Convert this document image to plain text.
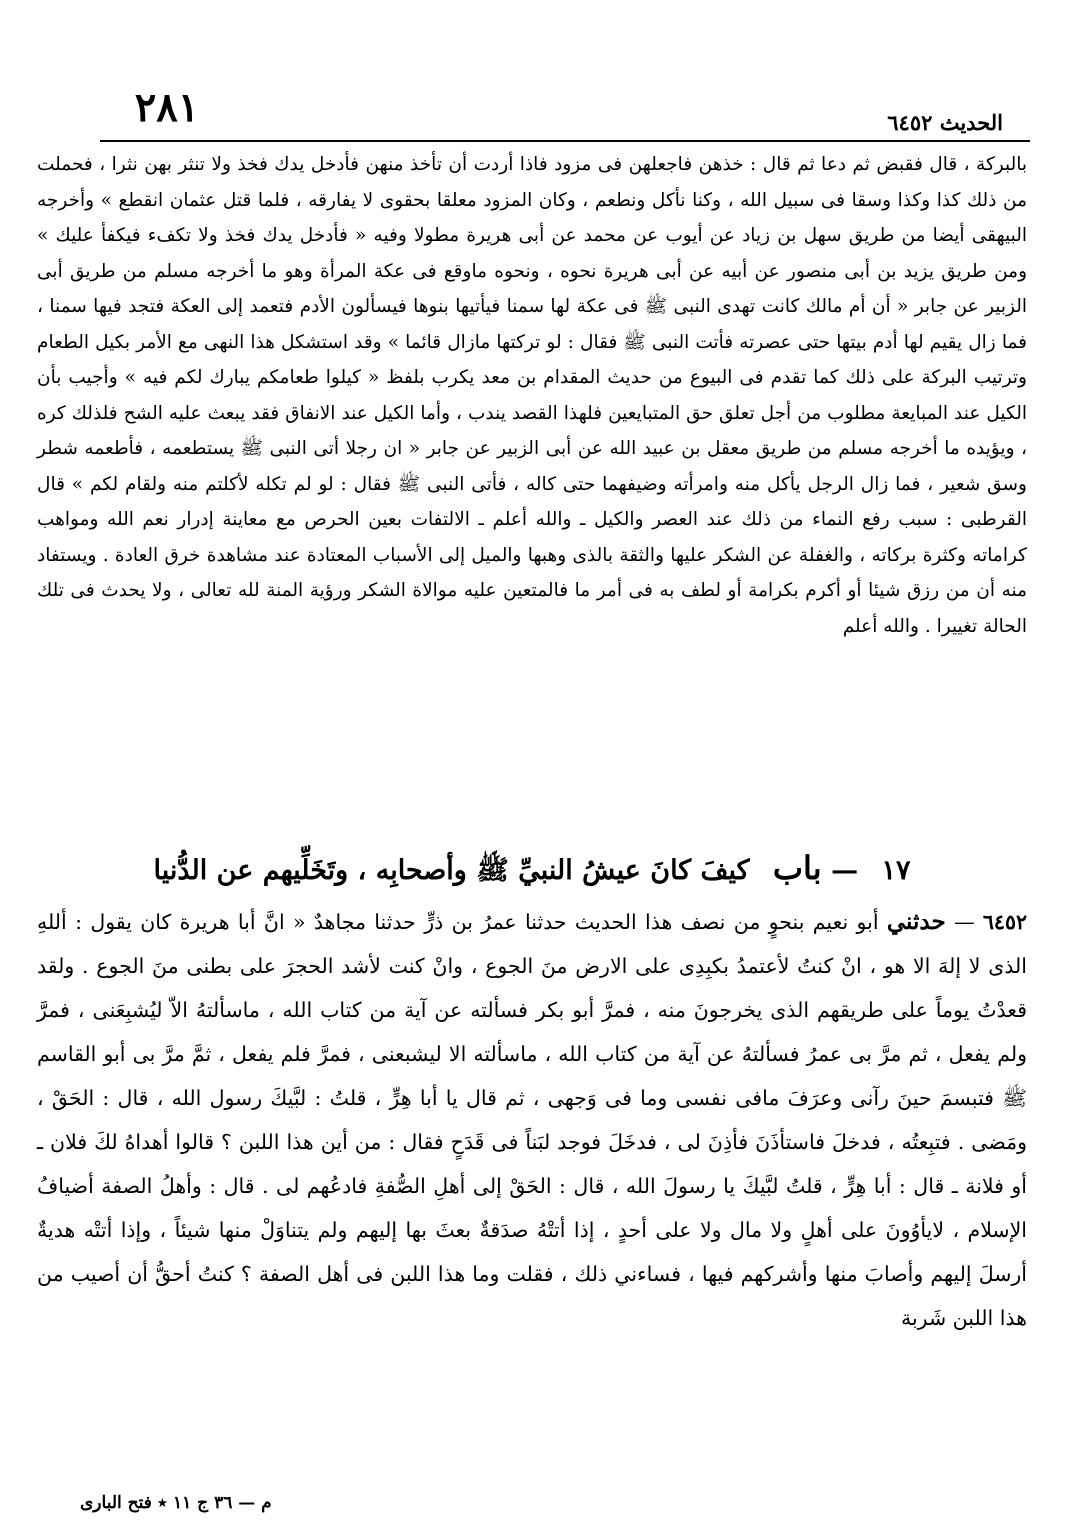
٢٨١	الحديث ٦٤٥٢

بالبركة ، قال فقبض ثم دعا ثم قال : خذهن فاجعلهن فى مزود فاذا أردت أن تأخذ منهن فأدخل يدك فخذ ولا تنثر بهن نثرا ، فحملت من ذلك كذا وكذا وسقا فى سبيل الله ، وكنا نأكل ونطعم ، وكان المزود معلقا بحقوى لا يفارقه ، فلما قتل عثمان انقطع » وأخرجه البيهقى أيضا من طريق سهل بن زياد عن أيوب عن محمد عن أبى هريرة مطولا وفيه « فأدخل يدك فخذ ولا تكفء فيكفأ عليك » ومن طريق يزيد بن أبى منصور عن أبيه عن أبى هريرة نحوه ، ونحوه ماوقع فى عكة المرأة وهو ما أخرجه مسلم من طريق أبى الزبير عن جابر « أن أم مالك كانت تهدى النبى ﷺ فى عكة لها سمنا فيأتيها بنوها فيسألون الأدم فتعمد إلى العكة فتجد فيها سمنا ، فما زال يقيم لها أدم بيتها حتى عصرته فأتت النبى ﷺ فقال : لو تركتها مازال قائما » وقد استشكل هذا النهى مع الأمر بكيل الطعام وترتيب البركة على ذلك كما تقدم فى البيوع من حديث المقدام بن معد يكرب بلفظ « كيلوا طعامكم يبارك لكم فيه » وأجيب بأن الكيل عند المبايعة مطلوب من أجل تعلق حق المتبايعين فلهذا القصد يندب ، وأما الكيل عند الانفاق فقد يبعث عليه الشح فلذلك كره ، ويؤيده ما أخرجه مسلم من طريق معقل بن عبيد الله عن أبى الزبير عن جابر « ان رجلا أتى النبى ﷺ يستطعمه ، فأطعمه شطر وسق شعير ، فما زال الرجل يأكل منه وامرأته وضيفهما حتى كاله ، فأتى النبى ﷺ فقال : لو لم تكله لأكلتم منه ولقام لكم » قال القرطبى : سبب رفع النماء من ذلك عند العصر والكيل ـ والله أعلم ـ الالتفات بعين الحرص مع معاينة إدرار نعم الله ومواهب كراماته وكثرة بركاته ، والغفلة عن الشكر عليها والثقة بالذى وهبها والميل إلى الأسباب المعتادة عند مشاهدة خرق العادة . ويستفاد منه أن من رزق شيئا أو أكرم بكرامة أو لطف به فى أمر ما فالمتعين عليه موالاة الشكر ورؤية المنة لله تعالى ، ولا يحدث فى تلك الحالة تغييرا . والله أعلم

١٧ — باب كيفَ كانَ عيشُ النبيِّ ﷺ وأصحابِه ، وتَخَلِّيهم عن الدُّنيا

٦٤٥٢ — حدثني أبو نعيم بنحوٍ من نصف هذا الحديث حدثنا عمرُ بن ذرٍّ حدثنا مجاهدٌ « انَّ أبا هريرة كان يقول : أللهِ الذى لا إلهَ الا هو ، انْ كنتُ لأعتمدُ بكبِدِى على الارض منَ الجوع ، وانْ كنت لأشد الحجرَ على بطنى منَ الجوع . ولقد قعدْتُ يوماً على طريقهم الذى يخرجونَ منه ، فمرَّ أبو بكر فسألته عن آية من كتاب الله ، ماسألتهُ الاّ ليُشبِعَنى ، فمرَّ ولم يفعل ، ثم مرَّ بى عمرُ فسألتهُ عن آية من كتاب الله ، ماسألته الا ليشبعنى ، فمرَّ فلم يفعل ، ثمَّ مرَّ بى أبو القاسم ﷺ فتبسمَ حينَ رآنى وعرَفَ مافى نفسى وما فى وَجهى ، ثم قال يا أبا هِرٍّ ، قلتُ : لبَّيكَ رسول الله ، قال : الحَقْ ، ومَضى . فتبِعتُه ، فدخلَ فاستأذَنَ فأذِنَ لى ، فدخَلَ فوجد لبَناً فى قَدَحٍ فقال : من أين هذا اللبن ؟ قالوا أهداهُ لكَ فلان ـ أو فلانة ـ قال : أبا هِرٍّ ، قلتُ لبَّيكَ يا رسولَ الله ، قال : الحَقْ إلى أهلِ الصُّفةِ فادعُهم لى . قال : وأهلُ الصفة أضيافُ الإسلام ، لايأوُونَ على أهلٍ ولا مال ولا على أحدٍ ، إذا أتتْهُ صدَقةٌ بعثَ بها إليهم ولم يتناوَلْ منها شيئاً ، وإذا أتتْه هديةٌ أرسلَ إليهم وأصابَ منها وأشركهم فيها ، فساءني ذلك ، فقلت وما هذا اللبن فى أهل الصفة ؟ كنتُ أحقُّ أن أصيب من هذا اللبن شَربة

م — ٣٦ ج ١١ ٭ فتح البارى
